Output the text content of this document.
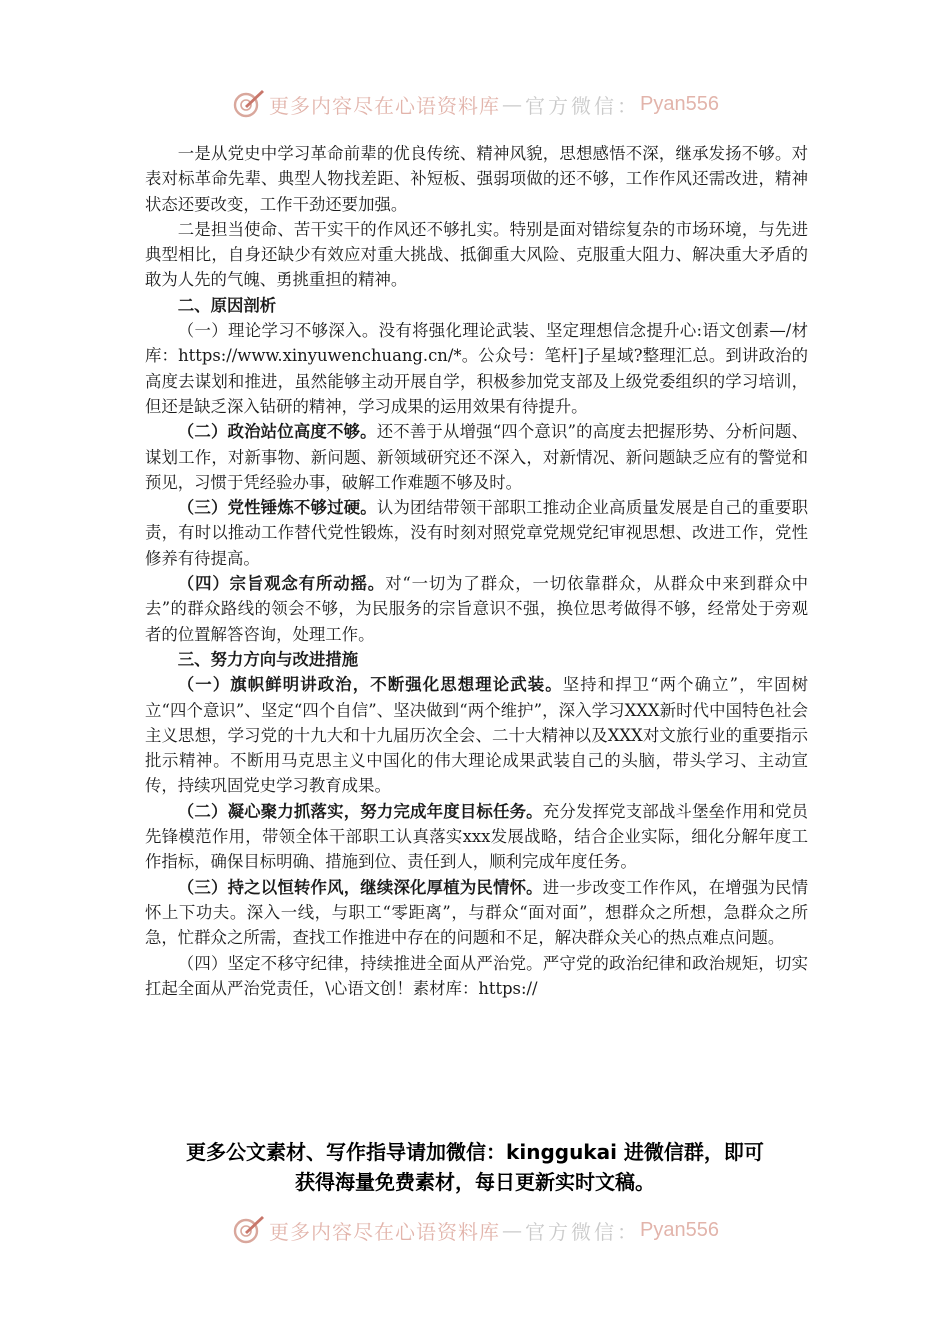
更多内容尽在心语资料库 — 官方微信： Pyan556

一是从党史中学习革命前辈的优良传统、精神风貌，思想感悟不深，继承发扬不够。对表对标革命先辈、典型人物找差距、补短板、强弱项做的还不够，工作作风还需改进，精神状态还要改变，工作干劲还要加强。

二是担当使命、苦干实干的作风还不够扎实。特别是面对错综复杂的市场环境，与先进典型相比，自身还缺少有效应对重大挑战、抵御重大风险、克服重大阻力、解决重大矛盾的敢为人先的气魄、勇挑重担的精神。

二、原因剖析

（一）理论学习不够深入。没有将强化理论武装、坚定理想信念提升心:语文创素—/材库：https://www.xinyuwenchuang.cn/*。公众号：笔杆]子星域?整理汇总。到讲政治的高度去谋划和推进，虽然能够主动开展自学，积极参加党支部及上级党委组织的学习培训，但还是缺乏深入钻研的精神，学习成果的运用效果有待提升。

（二）政治站位高度不够。还不善于从增强“四个意识”的高度去把握形势、分析问题、谋划工作，对新事物、新问题、新领域研究还不深入，对新情况、新问题缺乏应有的警觉和预见，习惯于凭经验办事，破解工作难题不够及时。

（三）党性锤炼不够过硬。认为团结带领干部职工推动企业高质量发展是自己的重要职责，有时以推动工作替代党性锻炼，没有时刻对照党章党规党纪审视思想、改进工作，党性修养有待提高。

（四）宗旨观念有所动摇。对“一切为了群众，一切依靠群众，从群众中来到群众中去”的群众路线的领会不够，为民服务的宗旨意识不强，换位思考做得不够，经常处于旁观者的位置解答咨询，处理工作。

三、努力方向与改进措施

（一）旗帜鲜明讲政治，不断强化思想理论武装。坚持和捍卫“两个确立”，牢固树立“四个意识”、坚定“四个自信”、坚决做到“两个维护”，深入学习XXX新时代中国特色社会主义思想，学习党的十九大和十九届历次全会、二十大精神以及XXX对文旅行业的重要指示批示精神。不断用马克思主义中国化的伟大理论成果武装自己的头脑，带头学习、主动宣传，持续巩固党史学习教育成果。

（二）凝心聚力抓落实，努力完成年度目标任务。充分发挥党支部战斗堡垒作用和党员先锋模范作用，带领全体干部职工认真落实xxx发展战略，结合企业实际，细化分解年度工作指标，确保目标明确、措施到位、责任到人，顺利完成年度任务。

（三）持之以恒转作风，继续深化厚植为民情怀。进一步改变工作作风，在增强为民情怀上下功夫。深入一线，与职工“零距离”，与群众“面对面”，想群众之所想，急群众之所急，忙群众之所需，查找工作推进中存在的问题和不足，解决群众关心的热点难点问题。

（四）坚定不移守纪律，持续推进全面从严治党。严守党的政治纪律和政治规矩，切实扛起全面从严治党责任，\心语文创！素材库：https://

更多公文素材、写作指导请加微信：kinggukai 进微信群，即可
获得海量免费素材，每日更新实时文稿。
更多内容尽在心语资料库 — 官方微信： Pyan556
